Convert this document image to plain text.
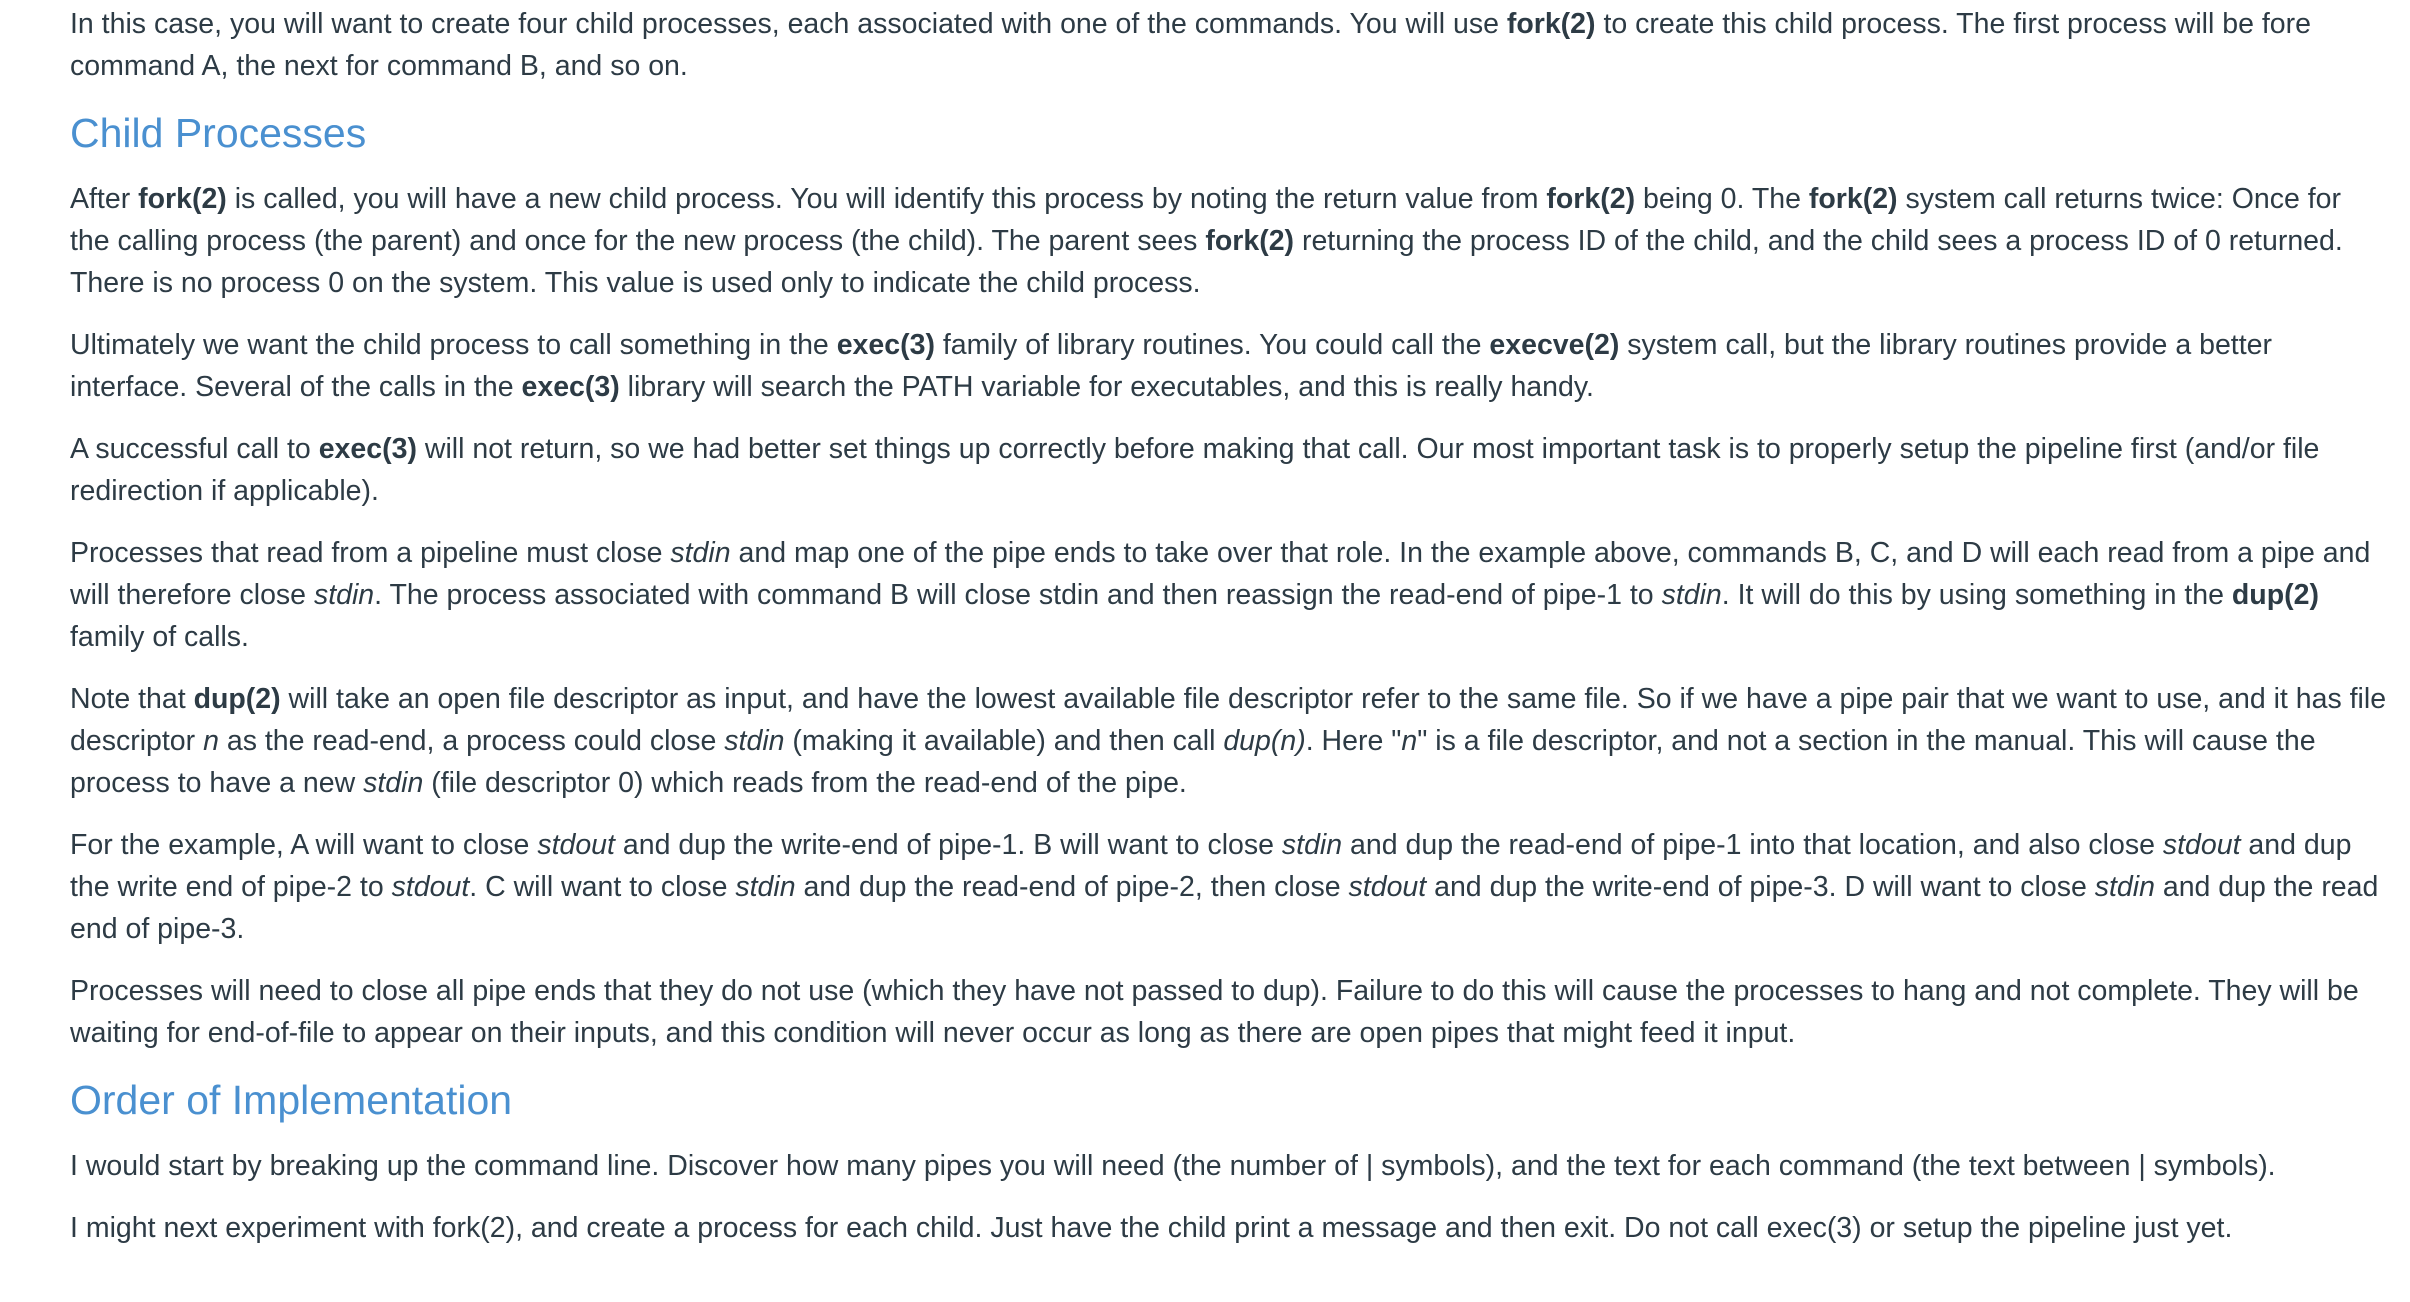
In this case, you will want to create four child processes, each associated with one of the commands. You will use fork(2) to create this child process. The first process will be fore command A, the next for command B, and so on.

Child Processes

After fork(2) is called, you will have a new child process. You will identify this process by noting the return value from fork(2) being 0. The fork(2) system call returns twice: Once for the calling process (the parent) and once for the new process (the child). The parent sees fork(2) returning the process ID of the child, and the child sees a process ID of 0 returned. There is no process 0 on the system. This value is used only to indicate the child process.

Ultimately we want the child process to call something in the exec(3) family of library routines. You could call the execve(2) system call, but the library routines provide a better interface. Several of the calls in the exec(3) library will search the PATH variable for executables, and this is really handy.

A successful call to exec(3) will not return, so we had better set things up correctly before making that call. Our most important task is to properly setup the pipeline first (and/or file redirection if applicable).

Processes that read from a pipeline must close stdin and map one of the pipe ends to take over that role. In the example above, commands B, C, and D will each read from a pipe and will therefore close stdin. The process associated with command B will close stdin and then reassign the read-end of pipe-1 to stdin. It will do this by using something in the dup(2) family of calls.

Note that dup(2) will take an open file descriptor as input, and have the lowest available file descriptor refer to the same file. So if we have a pipe pair that we want to use, and it has file descriptor n as the read-end, a process could close stdin (making it available) and then call dup(n). Here "n" is a file descriptor, and not a section in the manual. This will cause the process to have a new stdin (file descriptor 0) which reads from the read-end of the pipe.

For the example, A will want to close stdout and dup the write-end of pipe-1. B will want to close stdin and dup the read-end of pipe-1 into that location, and also close stdout and dup the write end of pipe-2 to stdout. C will want to close stdin and dup the read-end of pipe-2, then close stdout and dup the write-end of pipe-3. D will want to close stdin and dup the read end of pipe-3.

Processes will need to close all pipe ends that they do not use (which they have not passed to dup). Failure to do this will cause the processes to hang and not complete. They will be waiting for end-of-file to appear on their inputs, and this condition will never occur as long as there are open pipes that might feed it input.

Order of Implementation

I would start by breaking up the command line. Discover how many pipes you will need (the number of | symbols), and the text for each command (the text between | symbols).

I might next experiment with fork(2), and create a process for each child. Just have the child print a message and then exit. Do not call exec(3) or setup the pipeline just yet.
